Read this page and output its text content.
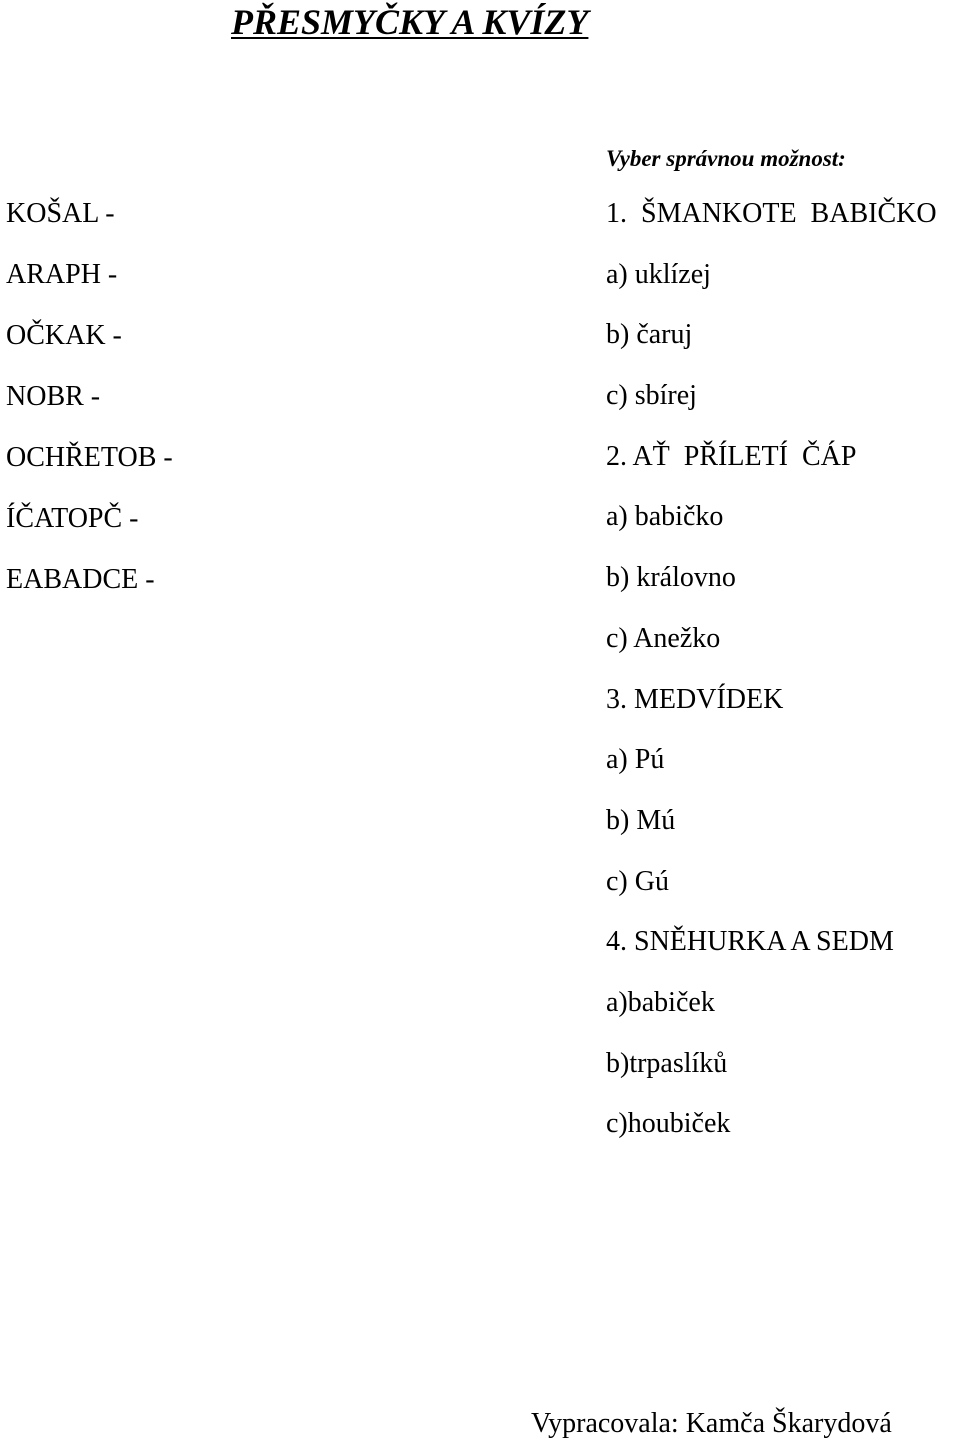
PŘESMYČKY A KVÍZY
KOŠAL -
ARAPH -
OČKAK -
NOBR -
OCHŘETOB -
ÍČATOPČ -
EABADCE -
Vyber správnou možnost:
1.  ŠMANKOTE  BABIČKO
a) uklízej
b) čaruj
c) sbírej
2. AŤ  PŘÍLETÍ  ČÁP
a) babičko
b) královno
c) Anežko
3. MEDVÍDEK
a) Pú
b) Mú
c) Gú
4. SNĚHURKA A SEDM
a)babiček
b)trpaslíků
c)houbiček
Vypracovala: Kamča Škarydová
